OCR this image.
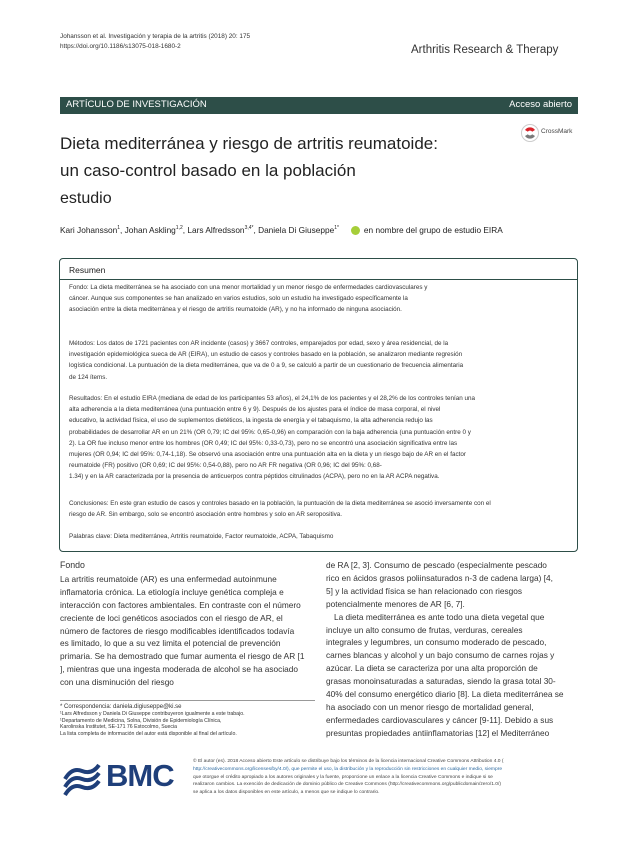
Johansson et al. Investigación y terapia de la artritis (2018) 20: 175
https://doi.org/10.1186/s13075-018-1680-2	Arthritis Research & Therapy
ARTÍCULO DE INVESTIGACIÓN	Acceso abierto
CrossMark
Dieta mediterránea y riesgo de artritis reumatoide:
un caso-control basado en la población
estudio
Kari Johansson$^1$, Johan Askling$^{1,2}$, Lars Alfredsson$^{3,4*}$, Daniela Di Giuseppe$^{1*}$	en nombre del grupo de estudio EIRA
Resumen
Fondo: La dieta mediterránea se ha asociado con una menor mortalidad y un menor riesgo de enfermedades cardiovasculares y
cáncer. Aunque sus componentes se han analizado en varios estudios, solo un estudio ha investigado específicamente la
asociación entre la dieta mediterránea y el riesgo de artritis reumatoide (AR), y no ha informado de ninguna asociación.
Métodos: Los datos de 1721 pacientes con AR incidente (casos) y 3667 controles, emparejados por edad, sexo y área residencial, de la
investigación epidemiológica sueca de AR (EIRA), un estudio de casos y controles basado en la población, se analizaron mediante regresión
logística condicional. La puntuación de la dieta mediterránea, que va de 0 a 9, se calculó a partir de un cuestionario de frecuencia alimentaria
de 124 ítems.
Resultados: En el estudio EIRA (mediana de edad de los participantes 53 años), el 24,1% de los pacientes y el 28,2% de los controles tenían una
alta adherencia a la dieta mediterránea (una puntuación entre 6 y 9). Después de los ajustes para el índice de masa corporal, el nivel
educativo, la actividad física, el uso de suplementos dietéticos, la ingesta de energía y el tabaquismo, la alta adherencia redujo las
probabilidades de desarrollar AR en un 21% (OR 0,79; IC del 95%: 0,65-0,96) en comparación con la baja adherencia (una puntuación entre 0 y
2). La OR fue incluso menor entre los hombres (OR 0,49; IC del 95%: 0,33-0,73), pero no se encontró una asociación significativa entre las
mujeres (OR 0,94; IC del 95%: 0,74-1,18). Se observó una asociación entre una puntuación alta en la dieta y un riesgo bajo de AR en el factor
reumatoide (FR) positivo (OR 0,69; IC del 95%: 0,54-0,88), pero no AR FR negativa (OR 0,96; IC del 95%: 0,68-
1.34) y en la AR caracterizada por la presencia de anticuerpos contra péptidos citrulinados (ACPA), pero no en la AR ACPA negativa.
Conclusiones: En este gran estudio de casos y controles basado en la población, la puntuación de la dieta mediterránea se asoció inversamente con el
riesgo de AR. Sin embargo, solo se encontró asociación entre hombres y solo en AR seropositiva.
Palabras clave: Dieta mediterránea, Artritis reumatoide, Factor reumatoide, ACPA, Tabaquismo
Fondo
La artritis reumatoide (AR) es una enfermedad autoinmune
inflamatoria crónica. La etiología incluye genética compleja e
interacción con factores ambientales. En contraste con el número
creciente de loci genéticos asociados con el riesgo de AR, el
número de factores de riesgo modificables identificados todavía
es limitado, lo que a su vez limita el potencial de prevención
primaria. Se ha demostrado que fumar aumenta el riesgo de AR [1
], mientras que una ingesta moderada de alcohol se ha asociado
con una disminución del riesgo
de RA [2, 3]. Consumo de pescado (especialmente pescado
rico en ácidos grasos poliinsaturados n-3 de cadena larga) [4,
5] y la actividad física se han relacionado con riesgos
potencialmente menores de AR [6, 7].
La dieta mediterránea es ante todo una dieta vegetal que
incluye un alto consumo de frutas, verduras, cereales
integrales y legumbres, un consumo moderado de pescado,
carnes blancas y alcohol y un bajo consumo de carnes rojas y
azúcar. La dieta se caracteriza por una alta proporción de
grasas monoinsaturadas a saturadas, siendo la grasa total 30-
40% del consumo energético diario [8]. La dieta mediterránea se
ha asociado con un menor riesgo de mortalidad general,
enfermedades cardiovasculares y cáncer [9-11]. Debido a sus
presuntas propiedades antiinflamatorias [12] el Mediterráneo
* Correspondencia: daniela.digiuseppe@ki.se
¹Lars Alfredsson y Daniela Di Giuseppe contribuyeron igualmente a este trabajo.
¹Departamento de Medicina, Solna, División de Epidemiología Clínica,
Karolinska Institutet, SE-171 76 Estocolmo, Suecia
La lista completa de información del autor está disponible al final del artículo.
BMC	© El autor (es). 2018 Acceso abierto Este artículo se distribuye bajo los términos de la licencia internacional Creative Commons Attribution 4.0 (
http://creativecommons.org/licenses/by/4.0/), que permite el uso, la distribución y la reproducción sin restricciones en cualquier medio, siempre
que otorgue el crédito apropiado a los autores originales y la fuente, proporcione un enlace a la licencia Creative Commons e indique si se
realizaron cambios. La exención de dedicación de dominio público de Creative Commons (http://creativecommons.org/publicdomain/zero/1.0/)
se aplica a los datos disponibles en este artículo, a menos que se indique lo contrario.
